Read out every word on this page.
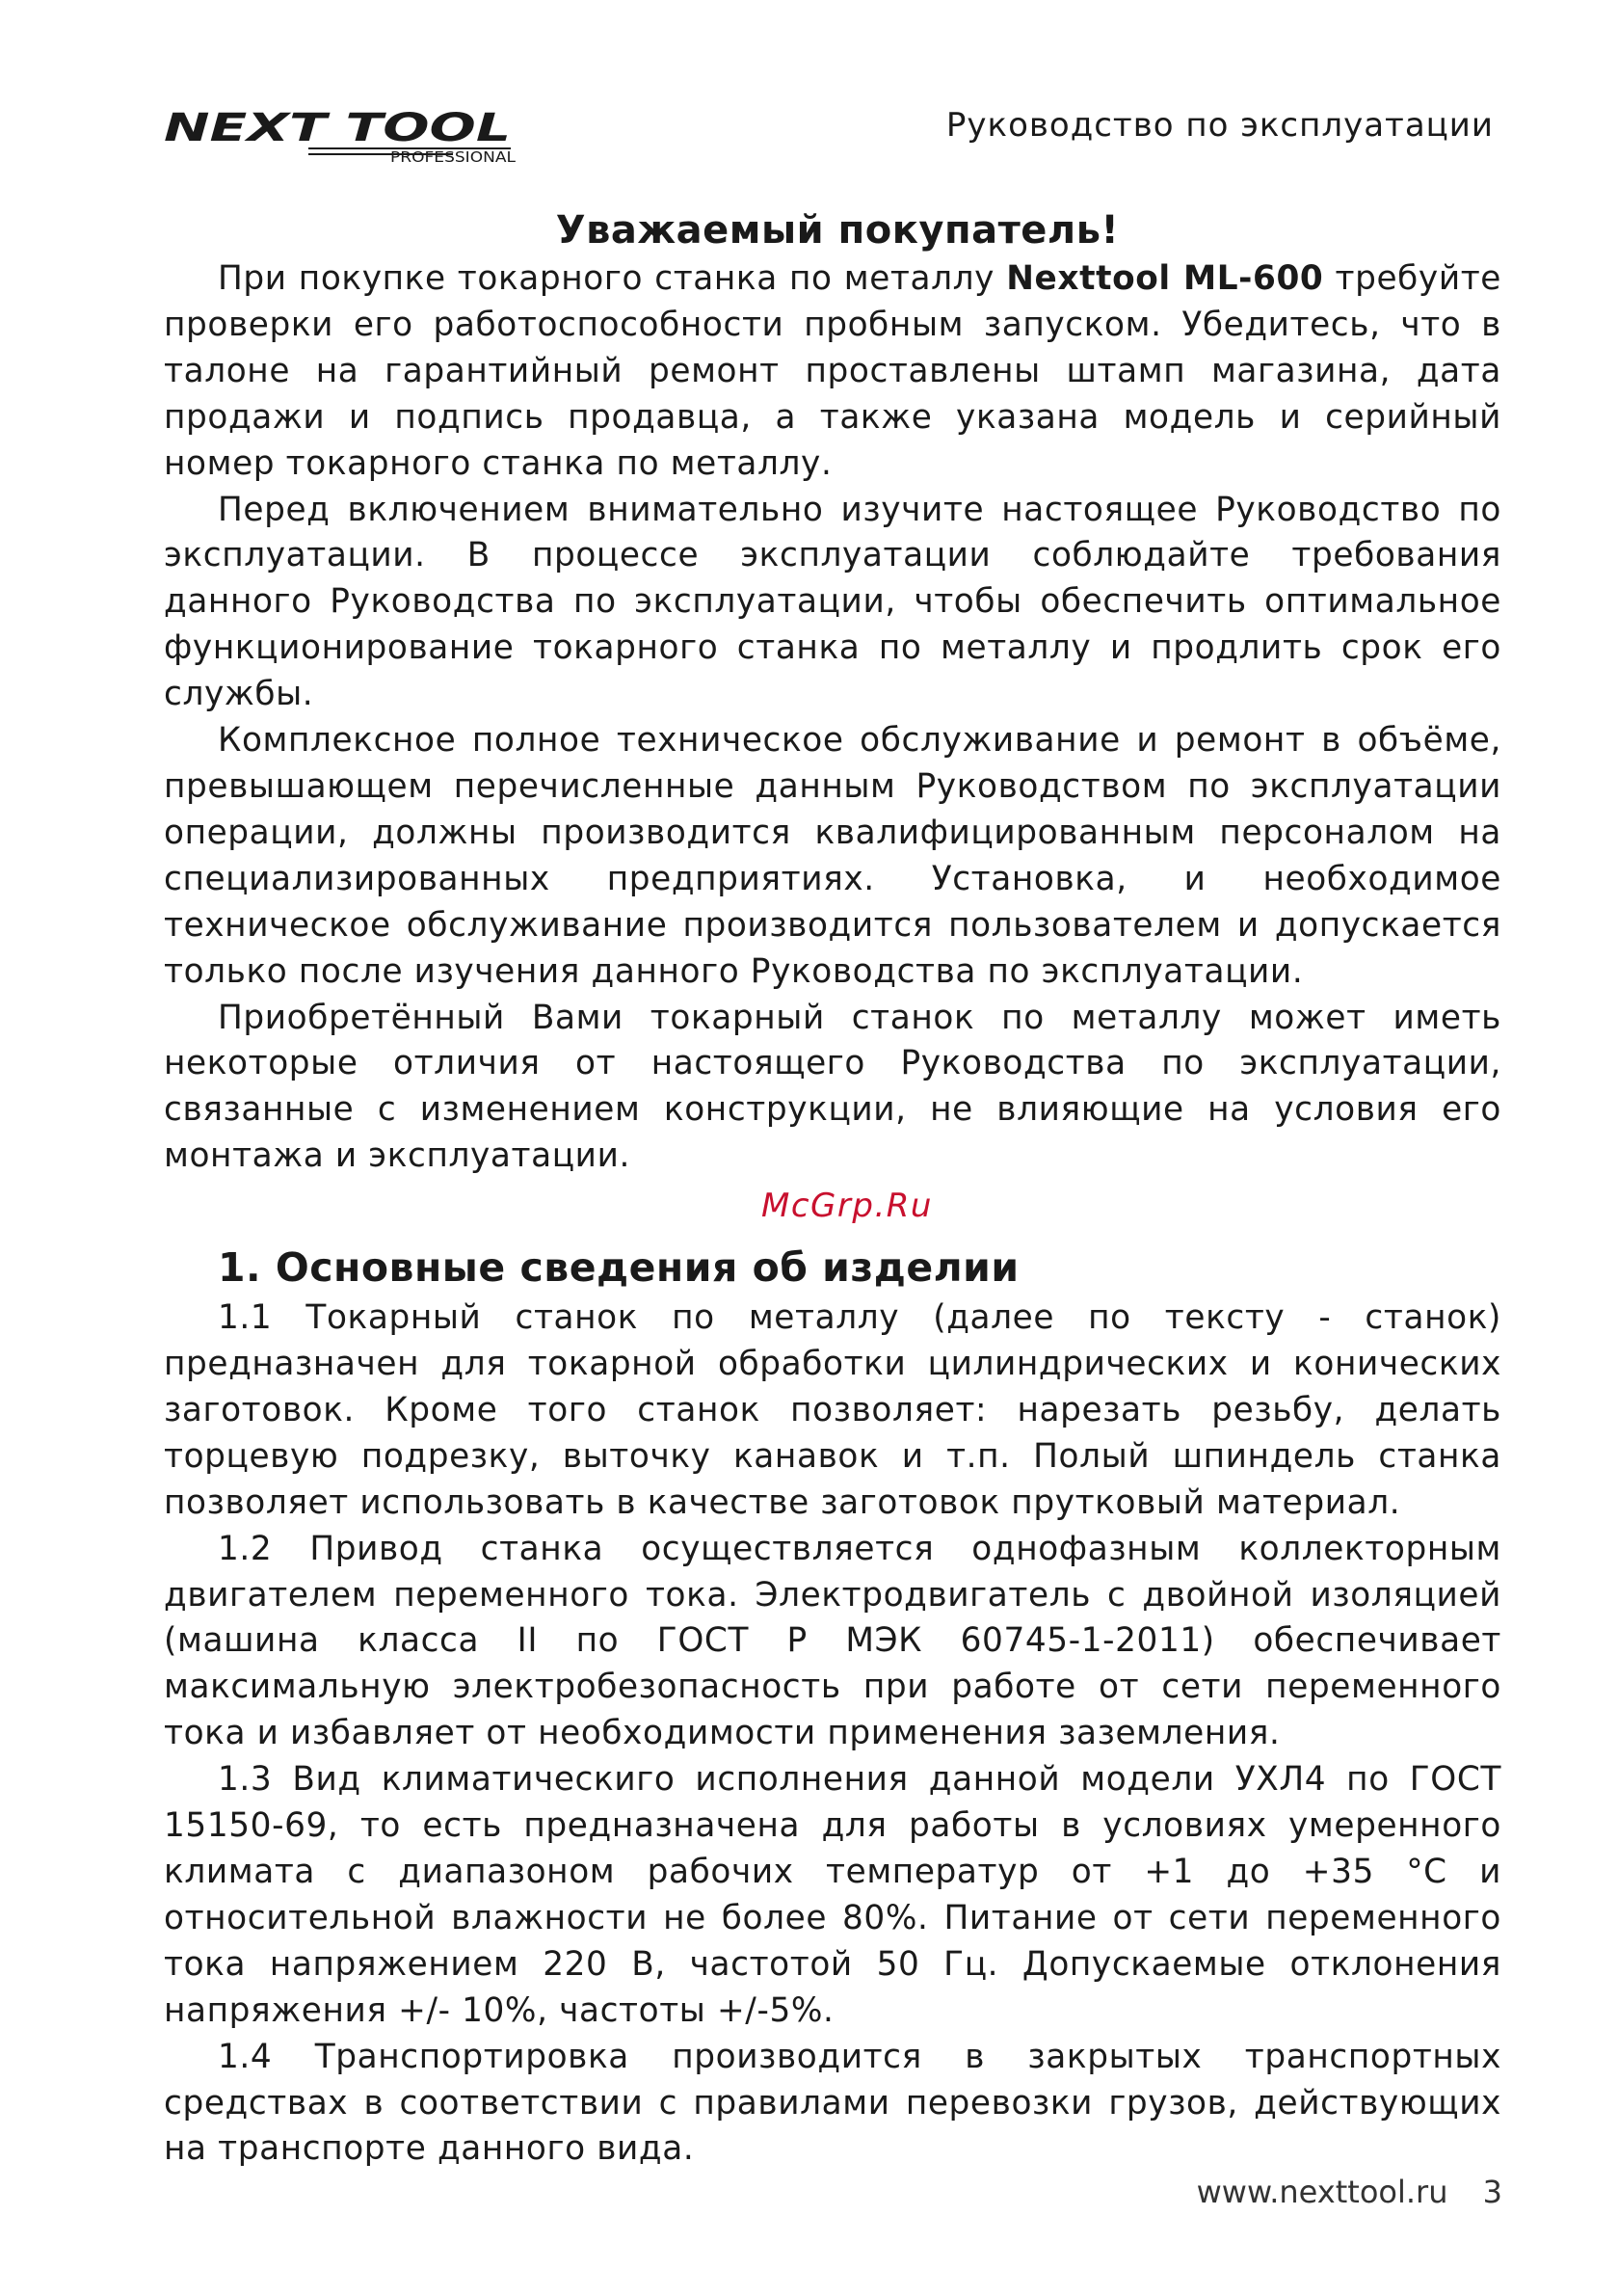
NEXT TOOL
PROFESSIONAL
Руководство по эксплуатации
Уважаемый покупатель!

При покупке токарного станка по металлу Nexttool ML-600 требуйте проверки его работоспособности пробным запуском. Убедитесь, что в талоне на гарантийный ремонт проставлены штамп магазина, дата продажи и подпись продавца, а также указана модель и серийный номер токарного станка по металлу.

Перед включением внимательно изучите настоящее Руководство по эксплуатации. В процессе эксплуатации соблюдайте требования данного Руководства по эксплуатации, чтобы обеспечить оптимальное функционирование токарного станка по металлу и продлить срок его службы.

Комплексное полное техническое обслуживание и ремонт в объёме, превышающем перечисленные данным Руководством по эксплуатации операции, должны производится квалифицированным персоналом на специализированных предприятиях. Установка, и необходимое техническое обслуживание производится пользователем и допускается только после изучения данного Руководства по эксплуатации.

Приобретённый Вами токарный станок по металлу может иметь некоторые отличия от настоящего Руководства по эксплуатации, связанные с изменением конструкции, не влияющие на условия его монтажа и эксплуатации.

McGrp.Ru
1. Основные сведения об изделии

1.1 Токарный станок по металлу (далее по тексту - станок) предназначен для токарной обработки цилиндрических и конических заготовок. Кроме того станок позволяет: нарезать резьбу, делать торцевую подрезку, выточку канавок и т.п. Полый шпиндель станка позволяет использовать в качестве заготовок прутковый материал.

1.2 Привод станка осуществляется однофазным коллекторным двигателем переменного тока. Электродвигатель с двойной изоляцией (машина класса II по ГОСТ Р МЭК 60745-1-2011) обеспечивает максимальную электробезопасность при работе от сети переменного тока и избавляет от необходимости применения заземления.

1.3 Вид климатическиго исполнения данной модели УХЛ4 по ГОСТ 15150-69, то есть предназначена для работы в условиях умеренного климата с диапазоном рабочих температур от +1 до +35 °С и относительной влажности не более 80%. Питание от сети переменного тока напряжением 220 В, частотой 50 Гц. Допускаемые отклонения напряжения +/- 10%, частоты +/-5%.

1.4 Транспортировка производится в закрытых транспортных средствах в соответствии с правилами перевозки грузов, действующих на транспорте данного вида.

www.nexttool.ru 3
